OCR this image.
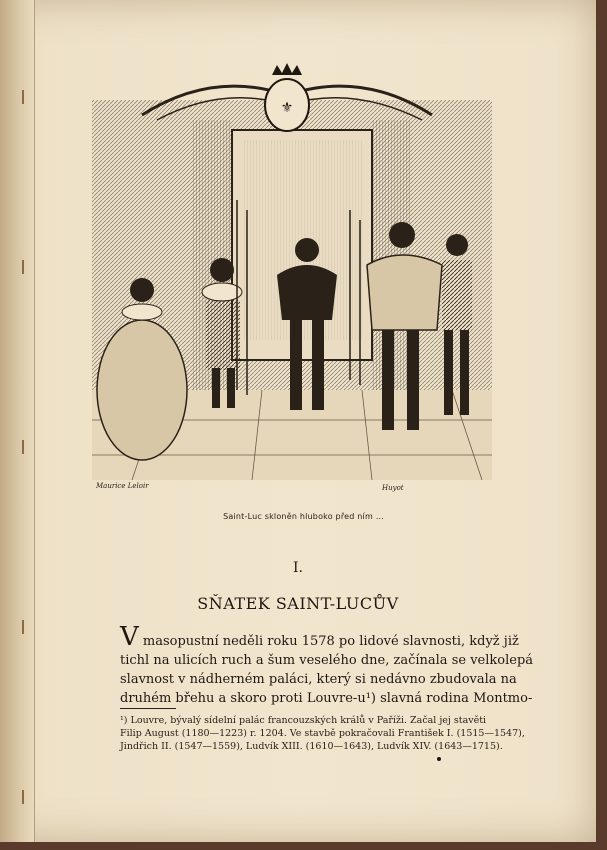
⚜
Maurice Leloir	Huyot
Saint-Luc skloněn hluboko před ním …
I.
SŇATEK SAINT-LUCŮV
V masopustní neděli roku 1578 po lidové slavnosti, když již
tichl na ulicích ruch a šum veselého dne, začínala se velkolepá
slavnost v nádherném paláci, který si nedávno zbudovala na
druhém břehu a skoro proti Louvre-u¹) slavná rodina Montmo-
¹) Louvre, bývalý sídelní palác francouzských králů v Paříži. Začal jej stavěti
Filip August (1180—1223) r. 1204. Ve stavbě pokračovali František I. (1515—1547),
Jindřich II. (1547—1559), Ludvík XIII. (1610—1643), Ludvík XIV. (1643—1715).
